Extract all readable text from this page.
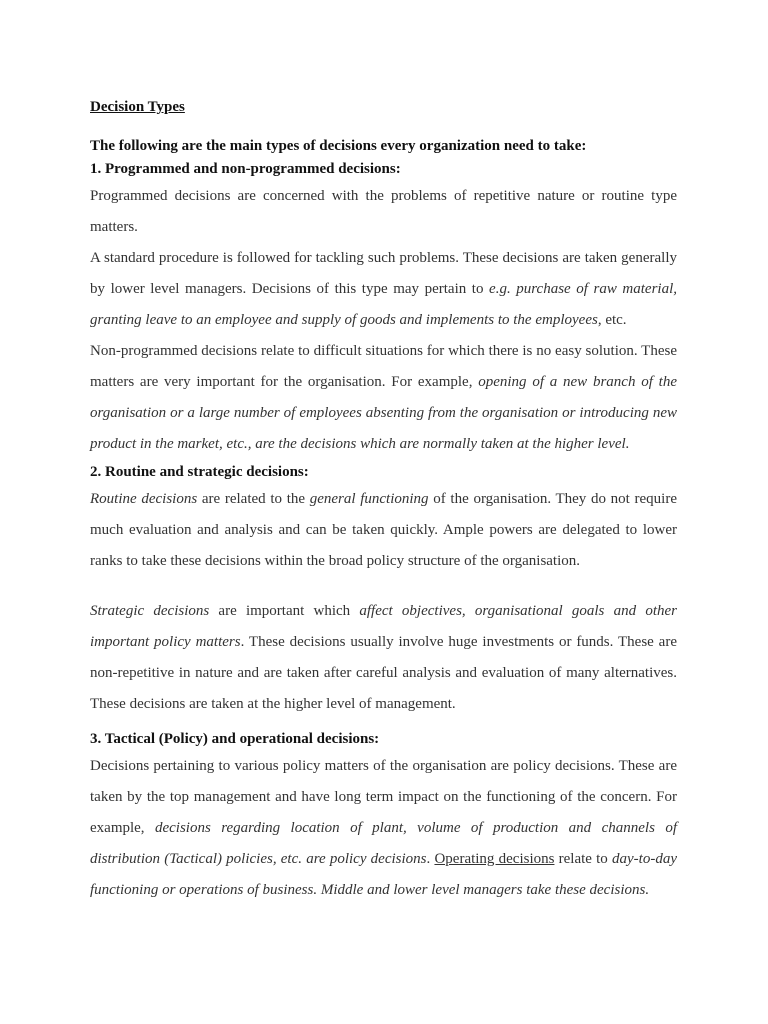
Decision Types
The following are the main types of decisions every organization need to take:
1. Programmed and non-programmed decisions:

Programmed decisions are concerned with the problems of repetitive nature or routine type matters.

A standard procedure is followed for tackling such problems. These decisions are taken generally by lower level managers. Decisions of this type may pertain to e.g. purchase of raw material, granting leave to an employee and supply of goods and implements to the employees, etc.

Non-programmed decisions relate to difficult situations for which there is no easy solution. These matters are very important for the organisation. For example, opening of a new branch of the organisation or a large number of employees absenting from the organisation or introducing new product in the market, etc., are the decisions which are normally taken at the higher level.

2. Routine and strategic decisions:

Routine decisions are related to the general functioning of the organisation. They do not require much evaluation and analysis and can be taken quickly. Ample powers are delegated to lower ranks to take these decisions within the broad policy structure of the organisation.

Strategic decisions are important which affect objectives, organisational goals and other important policy matters. These decisions usually involve huge investments or funds. These are non-repetitive in nature and are taken after careful analysis and evaluation of many alternatives. These decisions are taken at the higher level of management.

3. Tactical (Policy) and operational decisions:

Decisions pertaining to various policy matters of the organisation are policy decisions. These are taken by the top management and have long term impact on the functioning of the concern. For example, decisions regarding location of plant, volume of production and channels of distribution (Tactical) policies, etc. are policy decisions. Operating decisions relate to day-to-day functioning or operations of business. Middle and lower level managers take these decisions.
